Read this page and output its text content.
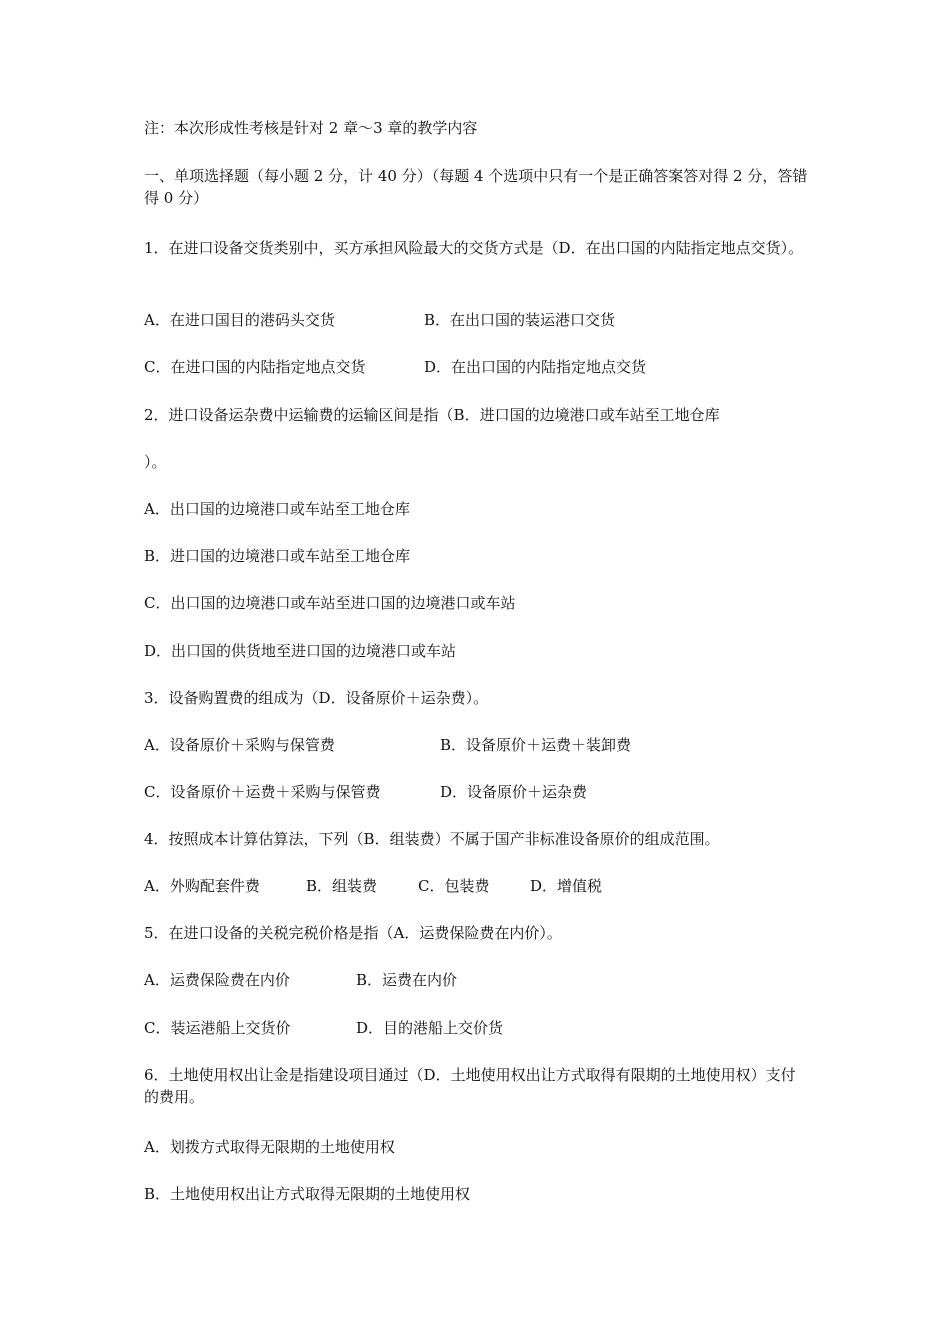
注：本次形成性考核是针对 2 章～3 章的教学内容
一、单项选择题（每小题 2 分，计 40 分）（每题 4 个选项中只有一个是正确答案答对得 2 分，答错得 0 分）
1．在进口设备交货类别中，买方承担风险最大的交货方式是（D．在出口国的内陆指定地点交货）。
A．在进口国目的港码头交货	B．在出口国的装运港口交货
C．在进口国的内陆指定地点交货	D．在出口国的内陆指定地点交货
2．进口设备运杂费中运输费的运输区间是指（B．进口国的边境港口或车站至工地仓库
）。
A．出口国的边境港口或车站至工地仓库
B．进口国的边境港口或车站至工地仓库
C．出口国的边境港口或车站至进口国的边境港口或车站
D．出口国的供货地至进口国的边境港口或车站
3．设备购置费的组成为（D．设备原价＋运杂费）。
A．设备原价＋采购与保管费	B．设备原价＋运费＋装卸费
C．设备原价＋运费＋采购与保管费	D．设备原价＋运杂费
4．按照成本计算估算法，下列（B．组装费）不属于国产非标准设备原价的组成范围。
A．外购配套件费	B．组装费	C．包装费	D．增值税
5．在进口设备的关税完税价格是指（A．运费保险费在内价）。
A．运费保险费在内价	B．运费在内价
C．装运港船上交货价	D．目的港船上交价货
6．土地使用权出让金是指建设项目通过（D．土地使用权出让方式取得有限期的土地使用权）支付的费用。
A．划拨方式取得无限期的土地使用权
B．土地使用权出让方式取得无限期的土地使用权
